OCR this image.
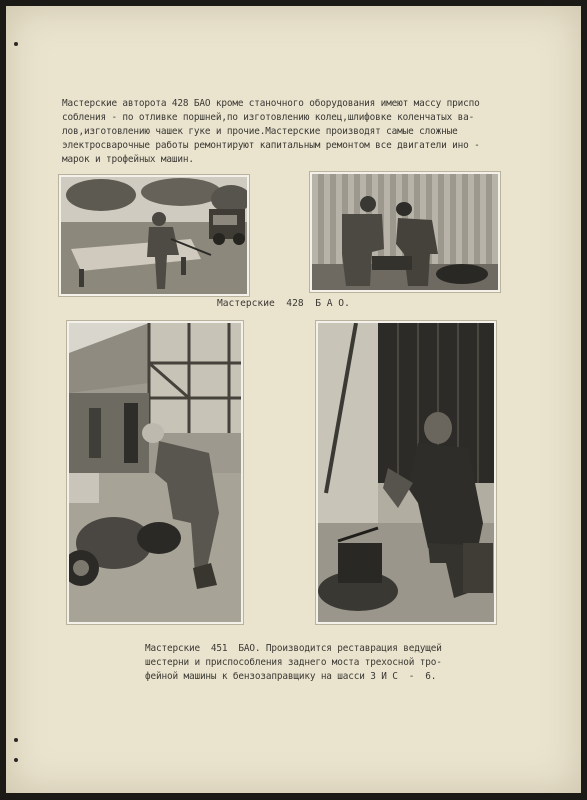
Мастерские авторота 428 БАО кроме станочного оборудования имеют массу приспо
собления - по отливке поршней,по изготовлению колец,шлифовке коленчатых ва-
лов,изготовлению чашек гуке и прочие.Мастерские производят самые сложные
электросварочные работы ремонтируют капитальным ремонтом все двигатели ино -
марок и трофейных машин.
Мастерские  428  Б А О.
Мастерские  451  БАО. Производится реставрация ведущей
шестерни и приспособления заднего моста трехосной тро-
фейной машины к бензозаправщику на шасси З И С  -  6.
